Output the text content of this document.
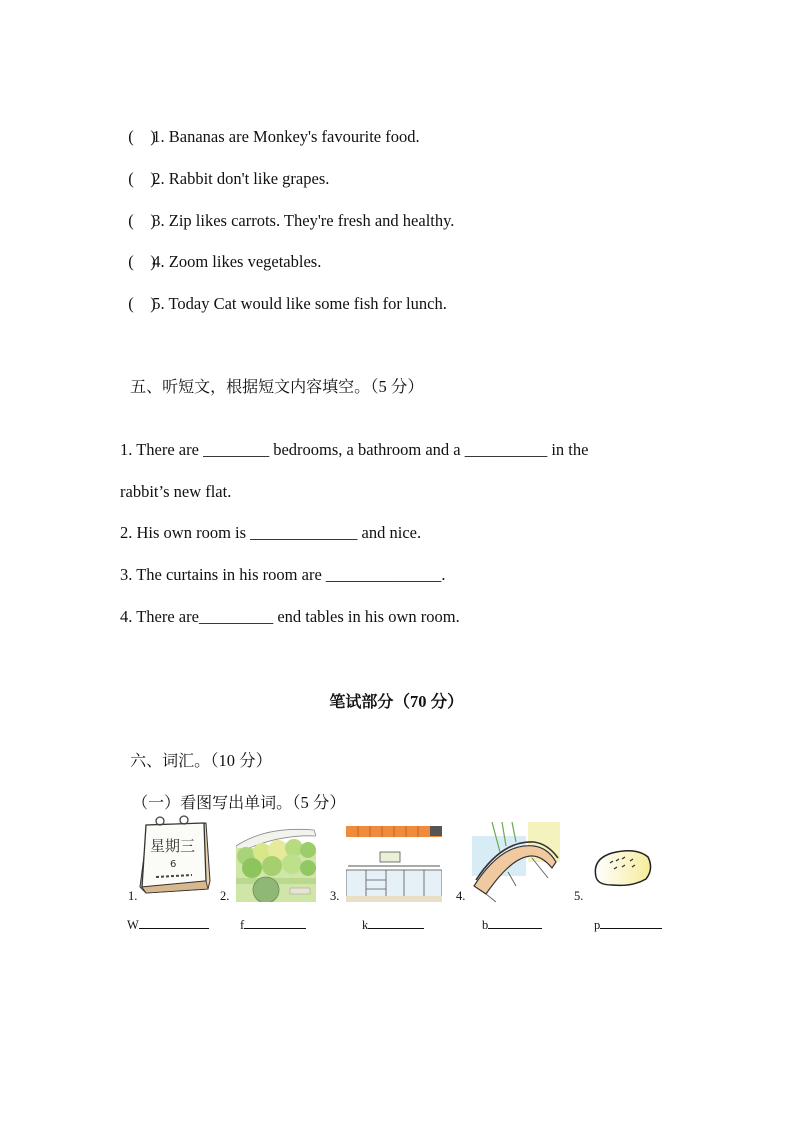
(    )1. Bananas are Monkey's favourite food.

(    )2. Rabbit don't like grapes.

(    )3. Zip likes carrots. They're fresh and healthy.

(    )4. Zoom likes vegetables.

(    )5. Today Cat would like some fish for lunch.

五、听短文，根据短文内容填空。（5 分）

1. There are ________ bedrooms, a bathroom and a __________ in the
rabbit’s new flat.
2. His own room is _____________ and nice.
3. The curtains in his room are ______________.
4. There are_________ end tables in his own room.
笔试部分（70 分）

六、词汇。（10 分）

（一）看图写出单词。（5 分）

1.
星期三
6
W
2.
f
3.
k
4.
b
5.
p
